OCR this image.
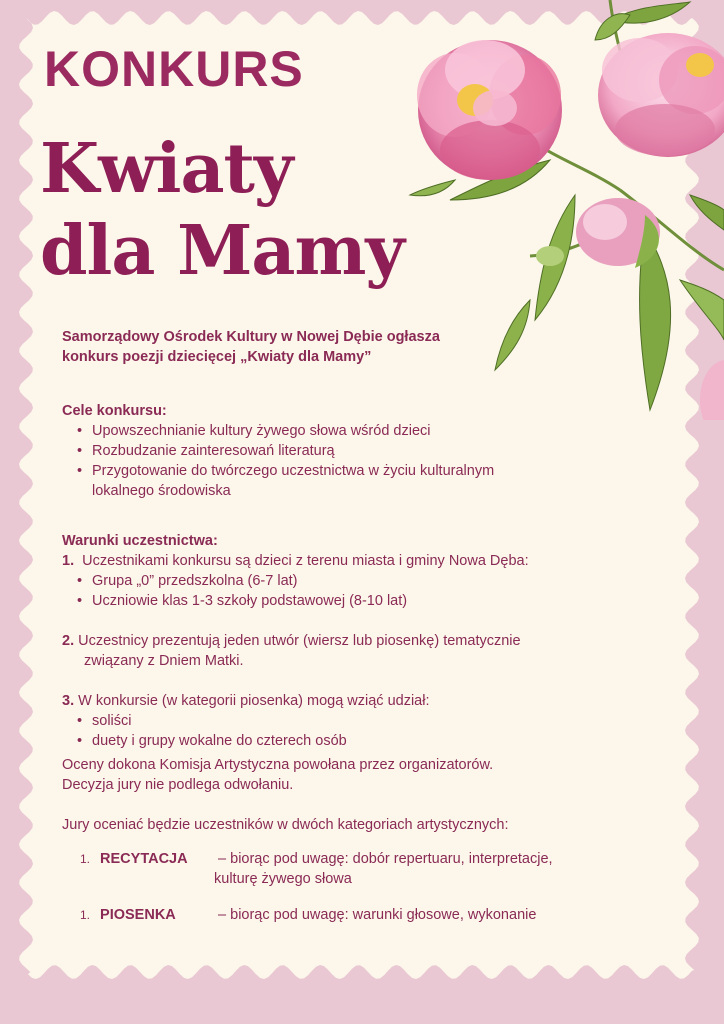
KONKURS
Kwiaty
dla Mamy
Samorządowy Ośrodek Kultury w Nowej Dębie ogłasza
konkurs poezji dziecięcej „Kwiaty dla Mamy”
Cele konkursu:
• Upowszechnianie kultury żywego słowa wśród dzieci
• Rozbudzanie zainteresowań literaturą
• Przygotowanie do twórczego uczestnictwa w życiu kulturalnym
lokalnego środowiska
Warunki uczestnictwa:
1. Uczestnikami konkursu są dzieci z terenu miasta i gminy Nowa Dęba:
• Grupa „0” przedszkolna (6-7 lat)
• Uczniowie klas 1-3 szkoły podstawowej (8-10 lat)
2. Uczestnicy prezentują jeden utwór (wiersz lub piosenkę) tematycznie
związany z Dniem Matki.
3. W konkursie (w kategorii piosenka) mogą wziąć udział:
• soliści
• duety i grupy wokalne do czterech osób
Oceny dokona Komisja Artystyczna powołana przez organizatorów.
Decyzja jury nie podlega odwołaniu.
Jury oceniać będzie uczestników w dwóch kategoriach artystycznych:
1. RECYTACJA – biorąc pod uwagę: dobór repertuaru, interpretacje,
kulturę żywego słowa
1. PIOSENKA	– biorąc pod uwagę: warunki głosowe, wykonanie
